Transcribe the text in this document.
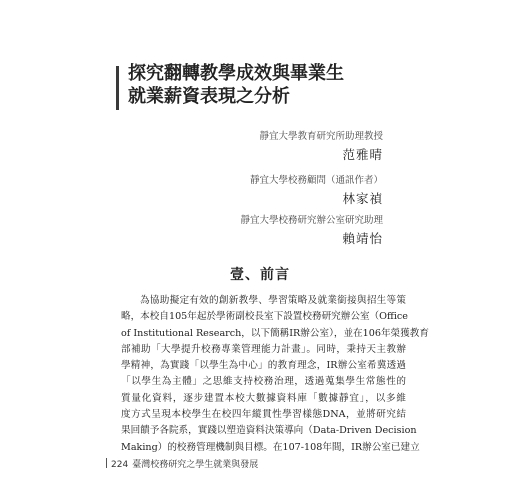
探究翻轉教學成效與畢業生
就業薪資表現之分析
靜宜大學教育研究所助理教授
范雅晴
靜宜大學校務顧問（通訊作者）
林家禎
靜宜大學校務研究辦公室研究助理
賴靖怡
壹、前言
為協助擬定有效的創新教學、學習策略及就業銜接與招生等策
略，本校自105年起於學術副校長室下設置校務研究辦公室（Office
of Institutional Research，以下簡稱IR辦公室），並在106年榮獲教育
部補助「大學提升校務專業管理能力計畫」。同時，秉持天主教辦
學精神，為實踐「以學生為中心」的教育理念，IR辦公室希冀透過
「以學生為主體」之思維支持校務治理，透過蒐集學生常態性的
質量化資料，逐步建置本校大數據資料庫「數據靜宜」，以多維
度方式呈現本校學生在校四年縱貫性學習樣態DNA，並將研究結
果回饋予各院系，實踐以塑造資料決策導向（Data-Driven Decision
Making）的校務管理機制與目標。在107-108年間，IR辦公室已建立
224 臺灣校務研究之學生就業與發展
